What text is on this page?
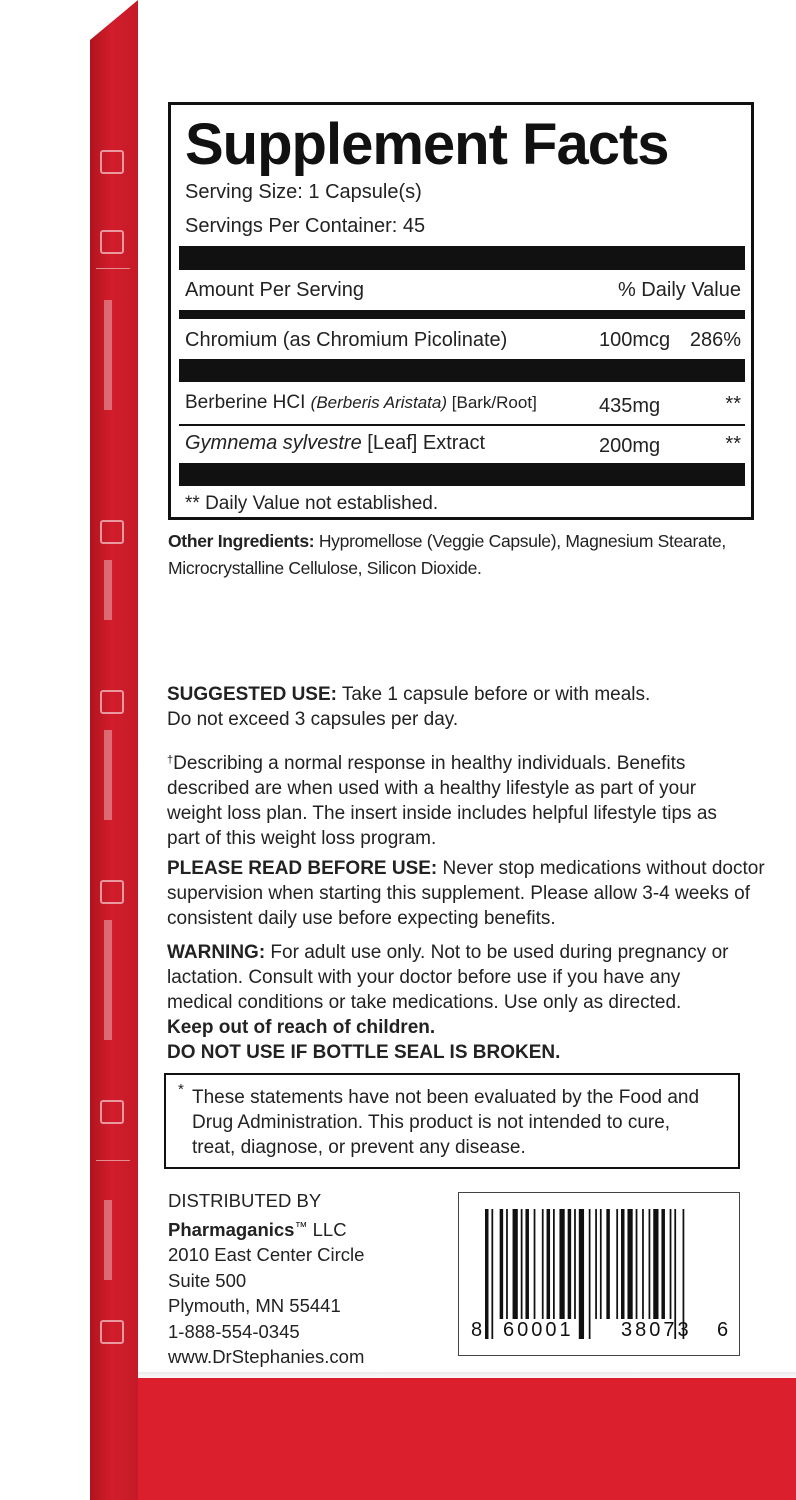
Supplement Facts
Serving Size: 1 Capsule(s)
Servings Per Container: 45
Amount Per Serving	% Daily Value
Chromium (as Chromium Picolinate)	100mcg 286%
Berberine HCI (Berberis Aristata) [Bark/Root]	435mg	**
Gymnema sylvestre [Leaf] Extract	200mg	**
** Daily Value not established.
Other Ingredients: Hypromellose (Veggie Capsule), Magnesium Stearate, Microcrystalline Cellulose, Silicon Dioxide.
SUGGESTED USE: Take 1 capsule before or with meals.
Do not exceed 3 capsules per day.
†Describing a normal response in healthy individuals. Benefits described are when used with a healthy lifestyle as part of your weight loss plan. The insert inside includes helpful lifestyle tips as part of this weight loss program.
PLEASE READ BEFORE USE: Never stop medications without doctor supervision when starting this supplement. Please allow 3-4 weeks of consistent daily use before expecting benefits.
WARNING: For adult use only. Not to be used during pregnancy or lactation. Consult with your doctor before use if you have any medical conditions or take medications. Use only as directed.
Keep out of reach of children.
DO NOT USE IF BOTTLE SEAL IS BROKEN.
* These statements have not been evaluated by the Food and Drug Administration. This product is not intended to cure, treat, diagnose, or prevent any disease.
DISTRIBUTED BY
Pharmaganics™ LLC
2010 East Center Circle
Suite 500
Plymouth, MN 55441
1-888-554-0345
www.DrStephanies.com
8 60001 38073 6
